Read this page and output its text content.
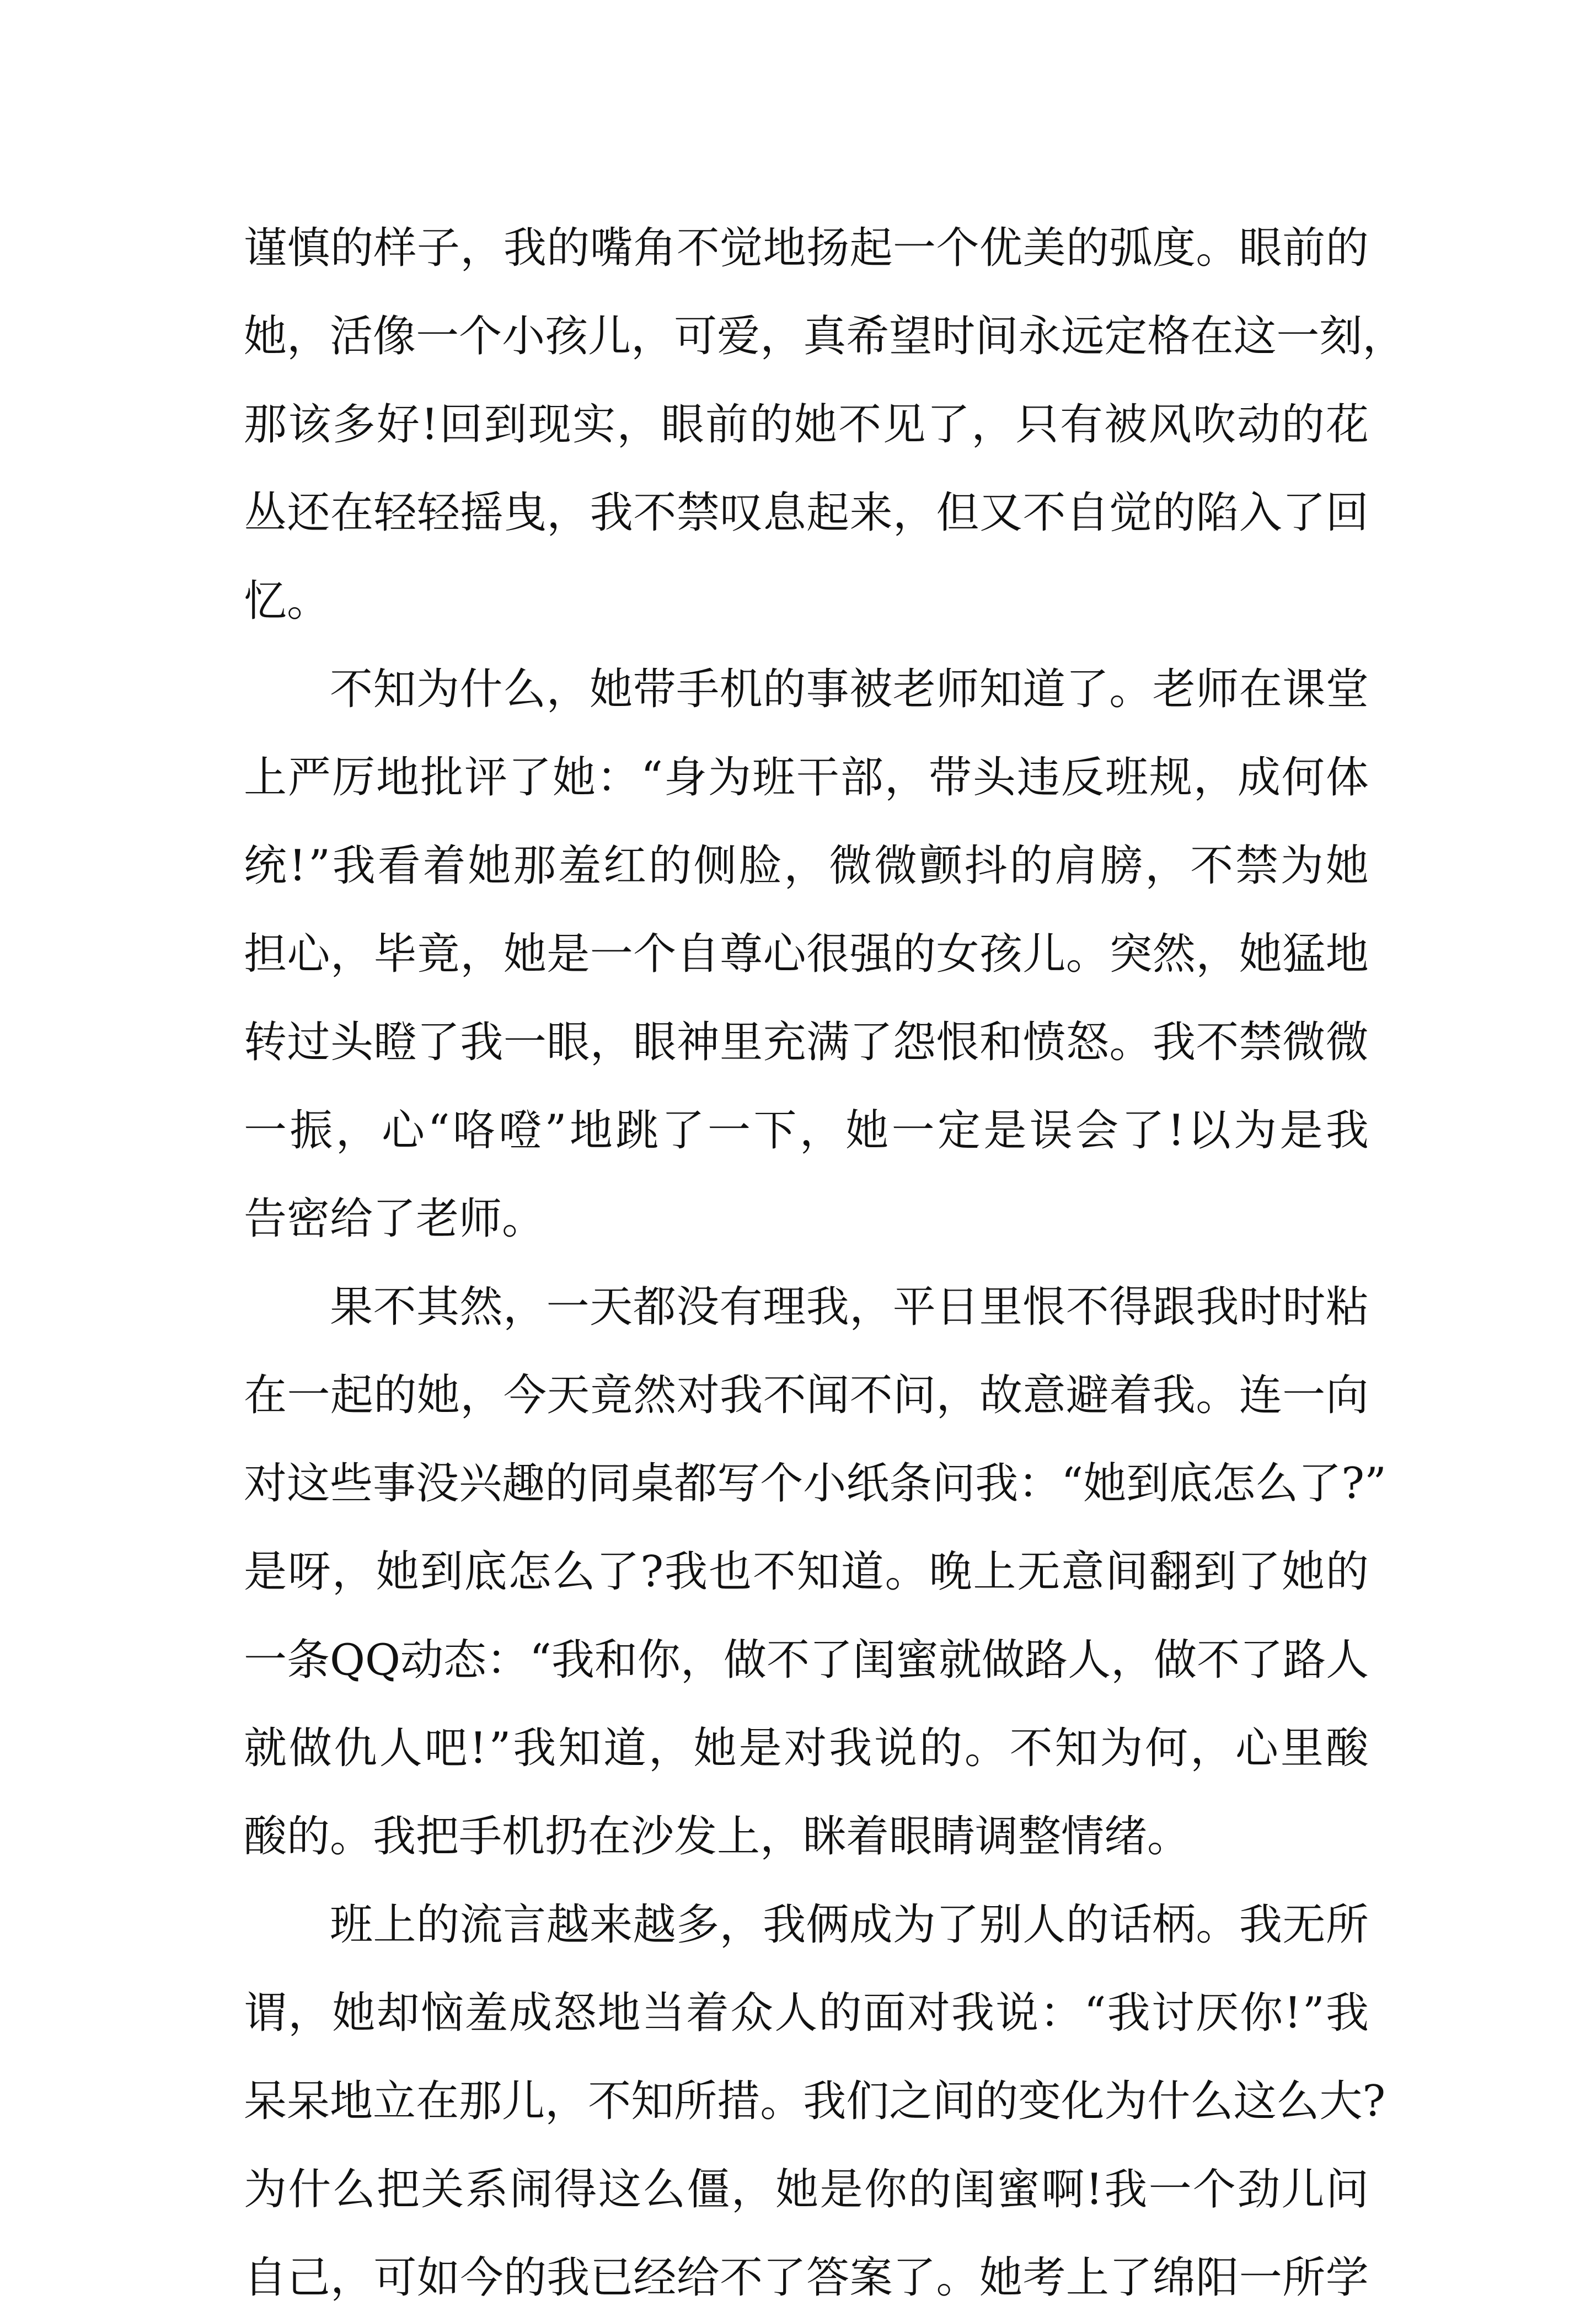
谨 慎 的 样 子 ， 我 的 嘴 角 不 觉 地 扬 起 一 个 优 美 的 弧 度 。 眼 前 的
她 ， 活 像 一 个 小 孩 儿 ， 可 爱 ， 真 希 望 时 间 永 远 定 格 在 这 一 刻 ，
那 该 多 好 ! 回 到 现 实 ， 眼 前 的 她 不 见 了 ， 只 有 被 风 吹 动 的 花
丛 还 在 轻 轻 摇 曳 ， 我 不 禁 叹 息 起 来 ， 但 又 不 自 觉 的 陷 入 了 回
忆。
不 知 为 什 么 ， 她 带 手 机 的 事 被 老 师 知 道 了 。 老 师 在 课 堂
上 严 厉 地 批 评 了 她 ： “ 身 为 班 干 部 ， 带 头 违 反 班 规 ， 成 何 体
统 ! ” 我 看 着 她 那 羞 红 的 侧 脸 ， 微 微 颤 抖 的 肩 膀 ， 不 禁 为 她
担 心 ， 毕 竟 ， 她 是 一 个 自 尊 心 很 强 的 女 孩 儿 。 突 然 ， 她 猛 地
转 过 头 瞪 了 我 一 眼 ， 眼 神 里 充 满 了 怨 恨 和 愤 怒 。 我 不 禁 微 微
一 振 ， 心 “ 咯 噔 ” 地 跳 了 一 下 ， 她 一 定 是 误 会 了 ! 以 为 是 我
告密给了老师。
果 不 其 然 ， 一 天 都 没 有 理 我 ， 平 日 里 恨 不 得 跟 我 时 时 粘
在 一 起 的 她 ， 今 天 竟 然 对 我 不 闻 不 问 ， 故 意 避 着 我 。 连 一 向
对 这 些 事 没 兴 趣 的 同 桌 都 写 个 小 纸 条 问 我 ： “ 她 到 底 怎 么 了 ? ”
是 呀 ， 她 到 底 怎 么 了 ? 我 也 不 知 道 。 晚 上 无 意 间 翻 到 了 她 的
一 条 QQ 动 态 ： “ 我 和 你 ， 做 不 了 闺 蜜 就 做 路 人 ， 做 不 了 路 人
就 做 仇 人 吧 ! ” 我 知 道 ， 她 是 对 我 说 的 。 不 知 为 何 ， 心 里 酸
酸的。我把手机扔在沙发上，眯着眼睛调整情绪。
班 上 的 流 言 越 来 越 多 ， 我 俩 成 为 了 别 人 的 话 柄 。 我 无 所
谓 ， 她 却 恼 羞 成 怒 地 当 着 众 人 的 面 对 我 说 ： “ 我 讨 厌 你 ! ” 我
呆 呆 地 立 在 那 儿 ， 不 知 所 措 。 我 们 之 间 的 变 化 为 什 么 这 么 大 ?
为 什 么 把 关 系 闹 得 这 么 僵 ， 她 是 你 的 闺 蜜 啊 ! 我 一 个 劲 儿 问
自 己 ， 可 如 今 的 我 已 经 给 不 了 答 案 了 。 她 考 上 了 绵 阳 一 所 学
